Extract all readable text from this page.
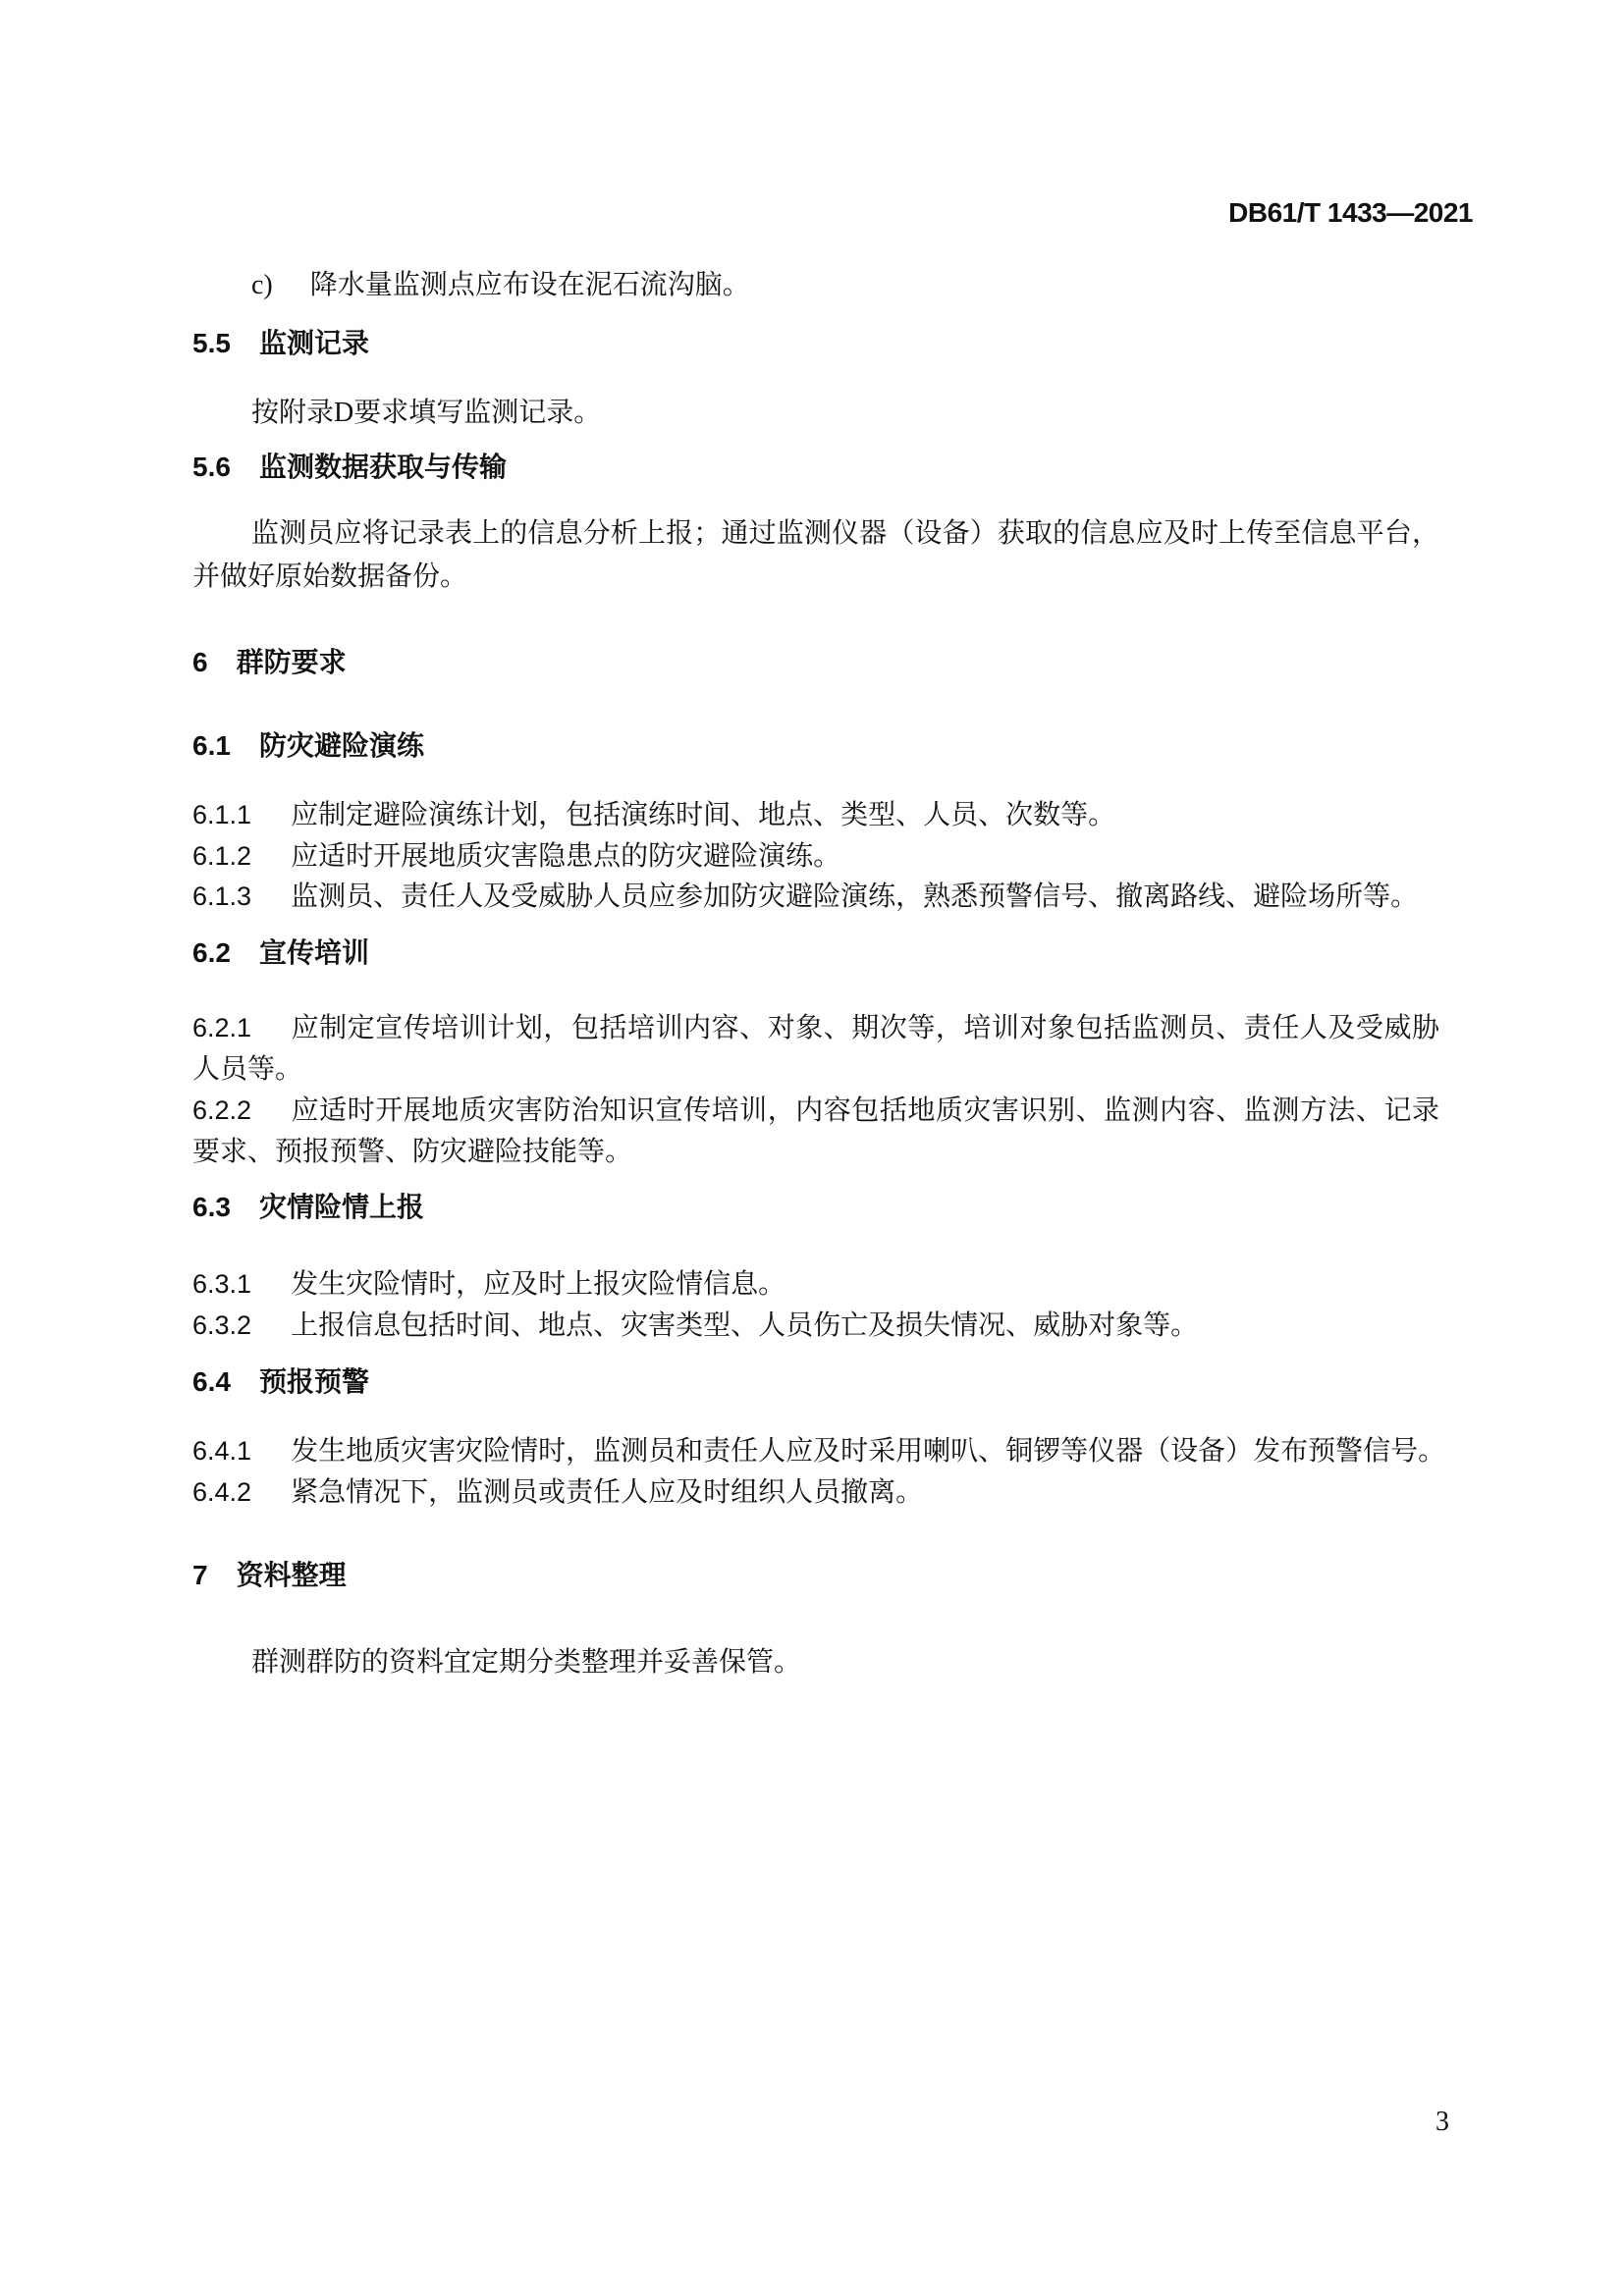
DB61/T 1433—2021
c) 降水量监测点应布设在泥石流沟脑。
5.5 监测记录
按附录D要求填写监测记录。
5.6 监测数据获取与传输
监测员应将记录表上的信息分析上报；通过监测仪器（设备）获取的信息应及时上传至信息平台，并做好原始数据备份。
6 群防要求
6.1 防灾避险演练
6.1.1 应制定避险演练计划，包括演练时间、地点、类型、人员、次数等。
6.1.2 应适时开展地质灾害隐患点的防灾避险演练。
6.1.3 监测员、责任人及受威胁人员应参加防灾避险演练，熟悉预警信号、撤离路线、避险场所等。
6.2 宣传培训
6.2.1 应制定宣传培训计划，包括培训内容、对象、期次等，培训对象包括监测员、责任人及受威胁人员等。
6.2.2 应适时开展地质灾害防治知识宣传培训，内容包括地质灾害识别、监测内容、监测方法、记录要求、预报预警、防灾避险技能等。
6.3 灾情险情上报
6.3.1 发生灾险情时，应及时上报灾险情信息。
6.3.2 上报信息包括时间、地点、灾害类型、人员伤亡及损失情况、威胁对象等。
6.4 预报预警
6.4.1 发生地质灾害灾险情时，监测员和责任人应及时采用喇叭、铜锣等仪器（设备）发布预警信号。
6.4.2 紧急情况下，监测员或责任人应及时组织人员撤离。
7 资料整理
群测群防的资料宜定期分类整理并妥善保管。
3
